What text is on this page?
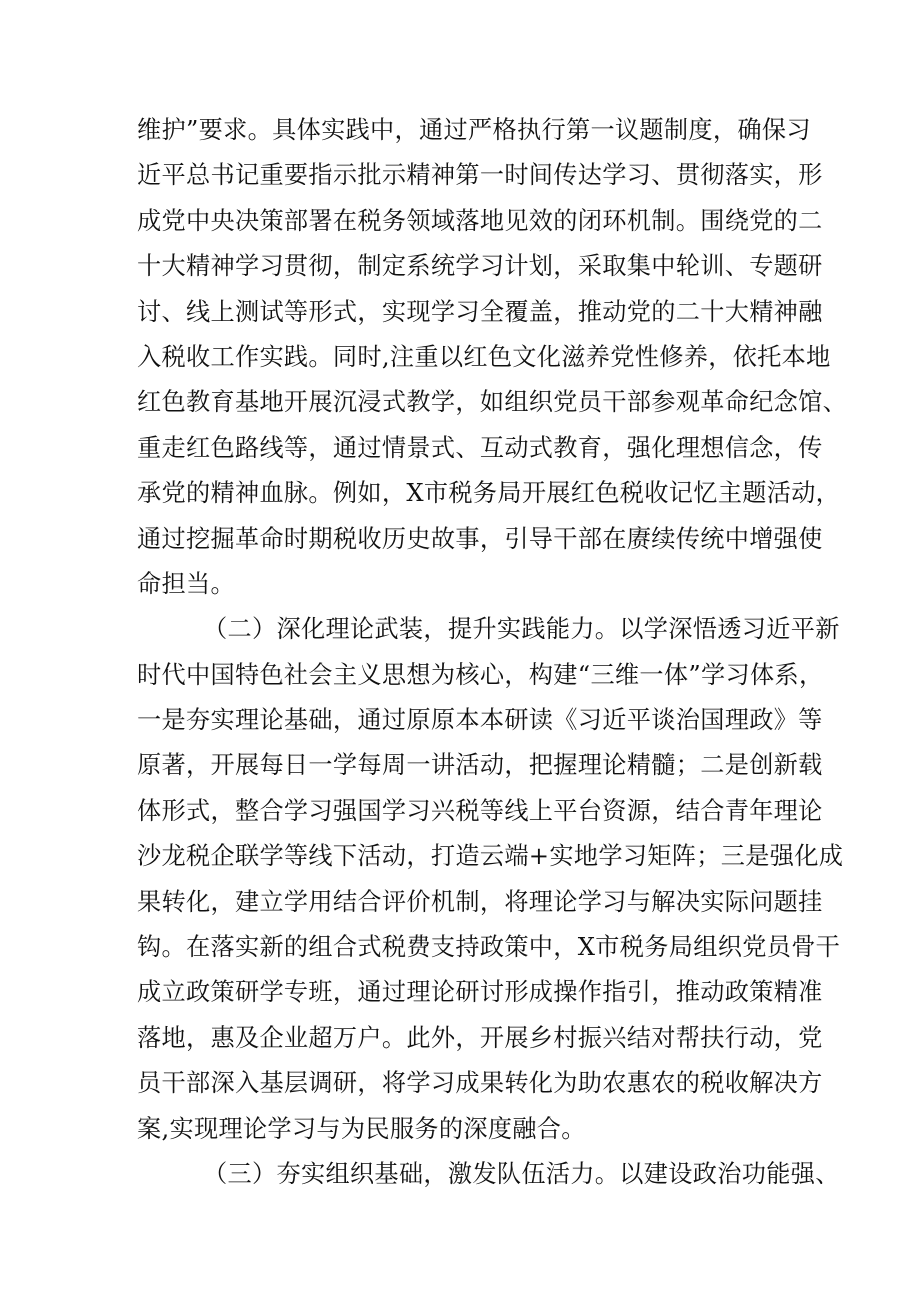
维护”要求。具体实践中，通过严格执行第一议题制度，确保习
近平总书记重要指示批示精神第一时间传达学习、贯彻落实，形
成党中央决策部署在税务领域落地见效的闭环机制。围绕党的二
十大精神学习贯彻，制定系统学习计划，采取集中轮训、专题研
讨、线上测试等形式，实现学习全覆盖，推动党的二十大精神融
入税收工作实践。同时,注重以红色文化滋养党性修养，依托本地
红色教育基地开展沉浸式教学，如组织党员干部参观革命纪念馆、
重走红色路线等，通过情景式、互动式教育，强化理想信念，传
承党的精神血脉。例如，X市税务局开展红色税收记忆主题活动，
通过挖掘革命时期税收历史故事，引导干部在赓续传统中增强使
命担当。
（二）深化理论武装，提升实践能力。以学深悟透习近平新
时代中国特色社会主义思想为核心，构建“三维一体”学习体系，
一是夯实理论基础，通过原原本本研读《习近平谈治国理政》等
原著，开展每日一学每周一讲活动，把握理论精髓；二是创新载
体形式，整合学习强国学习兴税等线上平台资源，结合青年理论
沙龙税企联学等线下活动，打造云端+实地学习矩阵；三是强化成
果转化，建立学用结合评价机制，将理论学习与解决实际问题挂
钩。在落实新的组合式税费支持政策中，X市税务局组织党员骨干
成立政策研学专班，通过理论研讨形成操作指引，推动政策精准
落地，惠及企业超万户。此外，开展乡村振兴结对帮扶行动，党
员干部深入基层调研，将学习成果转化为助农惠农的税收解决方
案,实现理论学习与为民服务的深度融合。
（三）夯实组织基础，激发队伍活力。以建设政治功能强、
